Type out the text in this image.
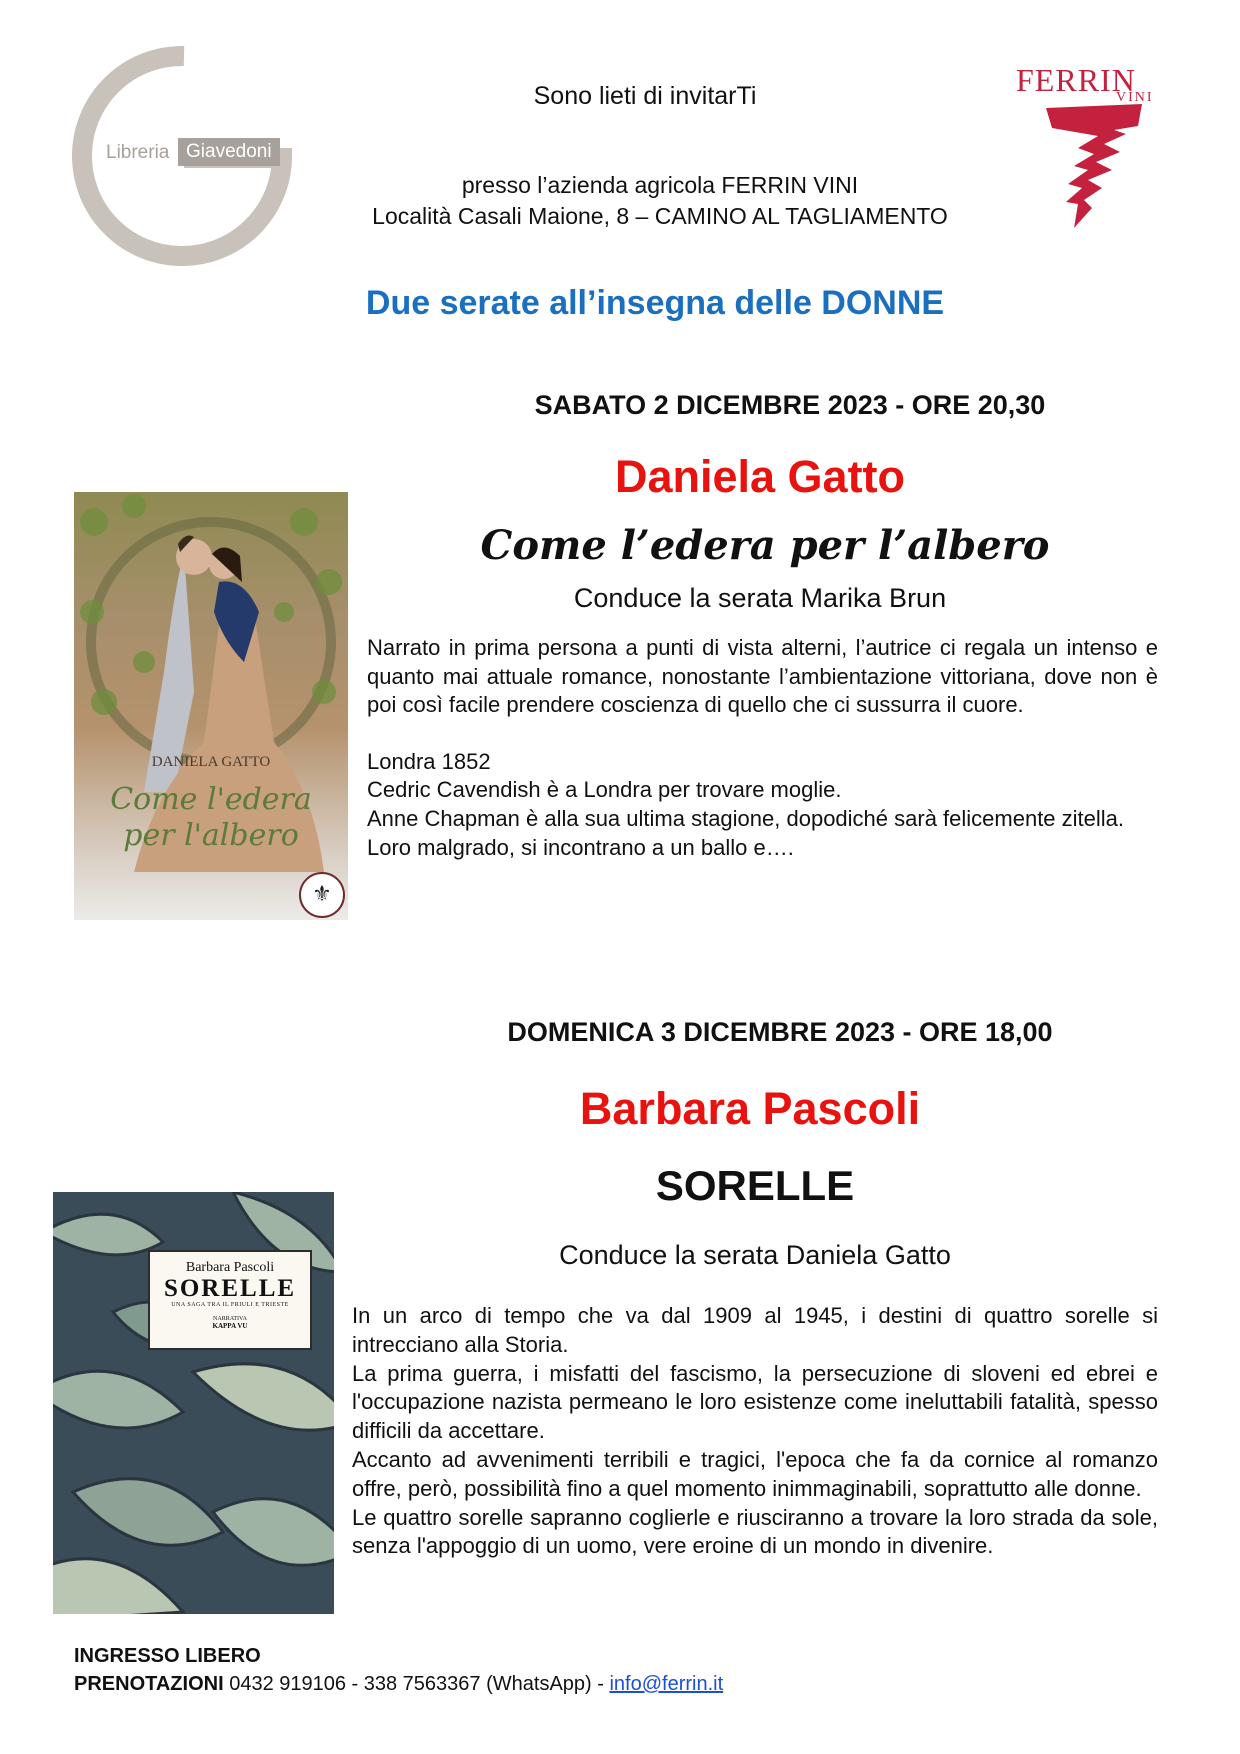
Libreria Giavedoni
FERRIN
VINI
Sono lieti di invitarTi
presso l’azienda agricola FERRIN VINI
Località Casali Maione, 8 – CAMINO AL TAGLIAMENTO
Due serate all’insegna delle DONNE
SABATO 2 DICEMBRE 2023 - ORE 20,30
Daniela Gatto
Come l’edera per l’albero
Conduce la serata Marika Brun
DANIELA GATTO
Come l'edera
per l'albero
⚜

Narrato in prima persona a punti di vista alterni, l’autrice ci regala un intenso e quanto mai attuale romance, nonostante l’ambientazione vittoriana, dove non è poi così facile prendere coscienza di quello che ci sussurra il cuore.

Londra 1852
Cedric Cavendish è a Londra per trovare moglie.
Anne Chapman è alla sua ultima stagione, dopodiché sarà felicemente zitella.
Loro malgrado, si incontrano a un ballo e….
DOMENICA 3 DICEMBRE 2023 - ORE 18,00
Barbara Pascoli
SORELLE
Conduce la serata Daniela Gatto
Barbara Pascoli
SORELLE
UNA SAGA TRA IL FRIULI E TRIESTE
NARRATIVA
KAPPA VU	In un arco di tempo che va dal 1909 al 1945, i destini di quattro sorelle si intrecciano alla Storia.
La prima guerra, i misfatti del fascismo, la persecuzione di sloveni ed ebrei e l'occupazione nazista permeano le loro esistenze come ineluttabili fatalità, spesso difficili da accettare.
Accanto ad avvenimenti terribili e tragici, l'epoca che fa da cornice al romanzo offre, però, possibilità fino a quel momento inimmaginabili, soprattutto alle donne.
Le quattro sorelle sapranno coglierle e riusciranno a trovare la loro strada da sole, senza l'appoggio di un uomo, vere eroine di un mondo in divenire.
INGRESSO LIBERO
PRENOTAZIONI 0432 919106 - 338 7563367 (WhatsApp) - info@ferrin.it
